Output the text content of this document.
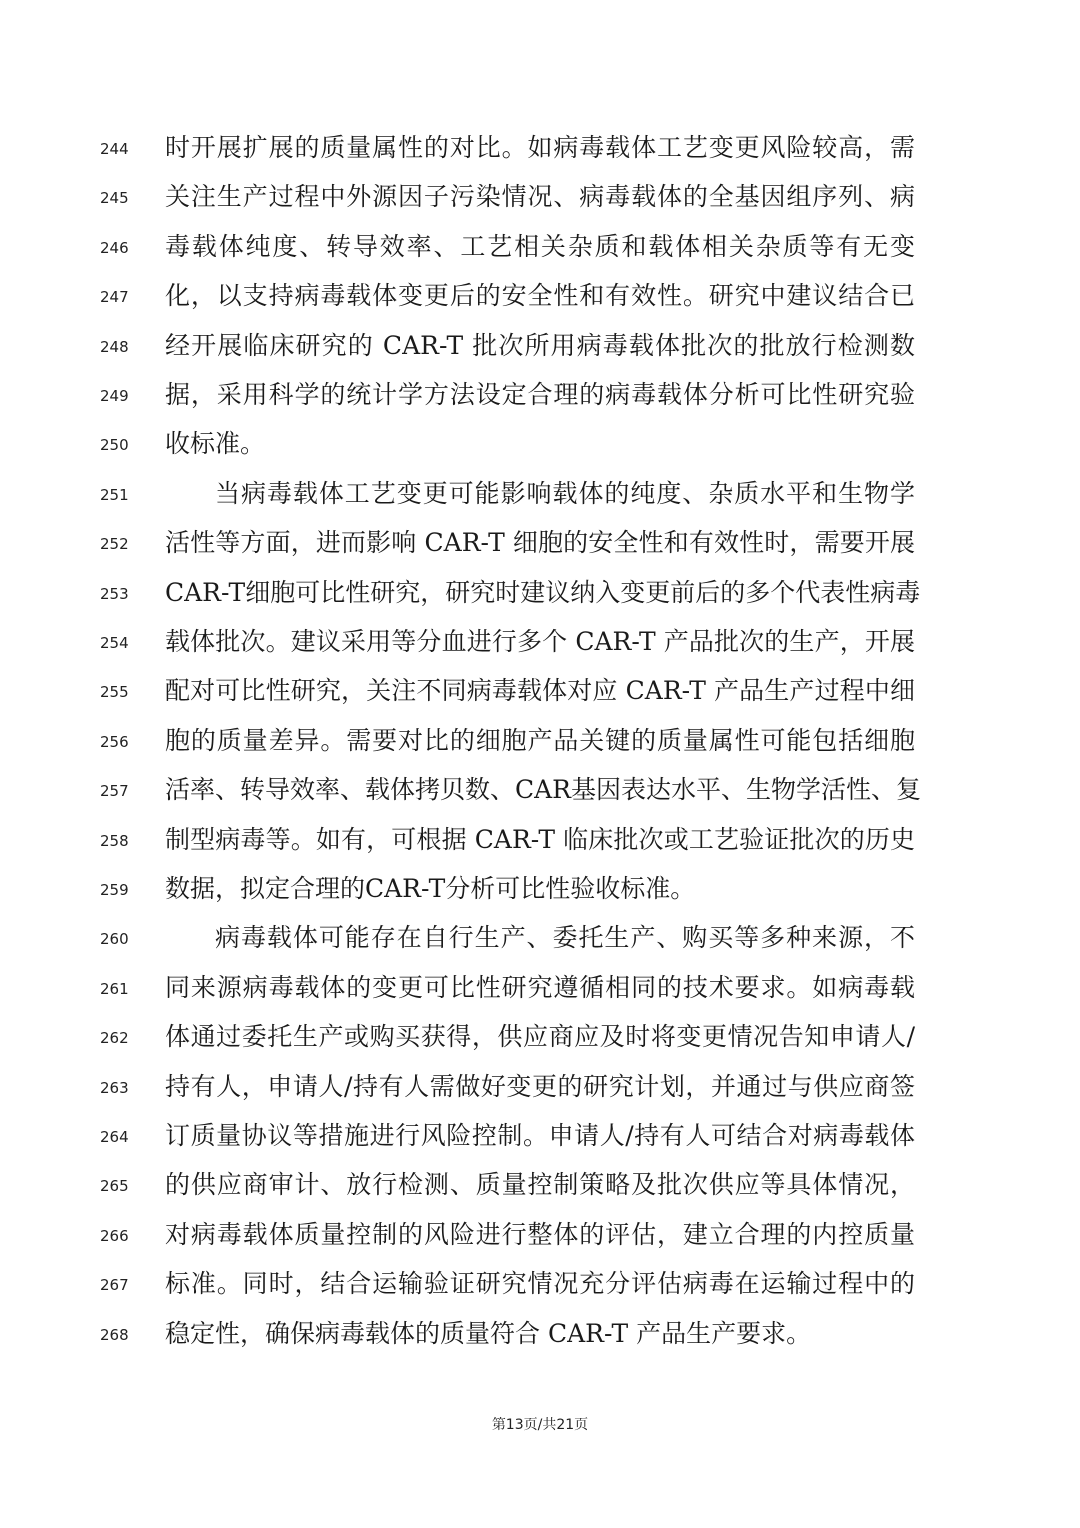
244	时开展扩展的质量属性的对比。如病毒载体工艺变更风险较高，需
245	关注生产过程中外源因子污染情况、病毒载体的全基因组序列、病
246	毒载体纯度、转导效率、工艺相关杂质和载体相关杂质等有无变
247	化，以支持病毒载体变更后的安全性和有效性。研究中建议结合已
248	经开展临床研究的 CAR-T 批次所用病毒载体批次的批放行检测数
249	据，采用科学的统计学方法设定合理的病毒载体分析可比性研究验
250	收标准。
251	当病毒载体工艺变更可能影响载体的纯度、杂质水平和生物学
252	活性等方面，进而影响 CAR-T 细胞的安全性和有效性时，需要开展
253	CAR-T细胞可比性研究，研究时建议纳入变更前后的多个代表性病毒
254	载体批次。建议采用等分血进行多个 CAR-T 产品批次的生产，开展
255	配对可比性研究，关注不同病毒载体对应 CAR-T 产品生产过程中细
256	胞的质量差异。需要对比的细胞产品关键的质量属性可能包括细胞
257	活率、转导效率、载体拷贝数、CAR基因表达水平、生物学活性、复
258	制型病毒等。如有，可根据 CAR-T 临床批次或工艺验证批次的历史
259	数据，拟定合理的CAR-T分析可比性验收标准。
260	病毒载体可能存在自行生产、委托生产、购买等多种来源，不
261	同来源病毒载体的变更可比性研究遵循相同的技术要求。如病毒载
262	体通过委托生产或购买获得，供应商应及时将变更情况告知申请人/
263	持有人，申请人/持有人需做好变更的研究计划，并通过与供应商签
264	订质量协议等措施进行风险控制。申请人/持有人可结合对病毒载体
265	的供应商审计、放行检测、质量控制策略及批次供应等具体情况，
266	对病毒载体质量控制的风险进行整体的评估，建立合理的内控质量
267	标准。同时，结合运输验证研究情况充分评估病毒在运输过程中的
268	稳定性，确保病毒载体的质量符合 CAR-T 产品生产要求。
第13页/共21页
